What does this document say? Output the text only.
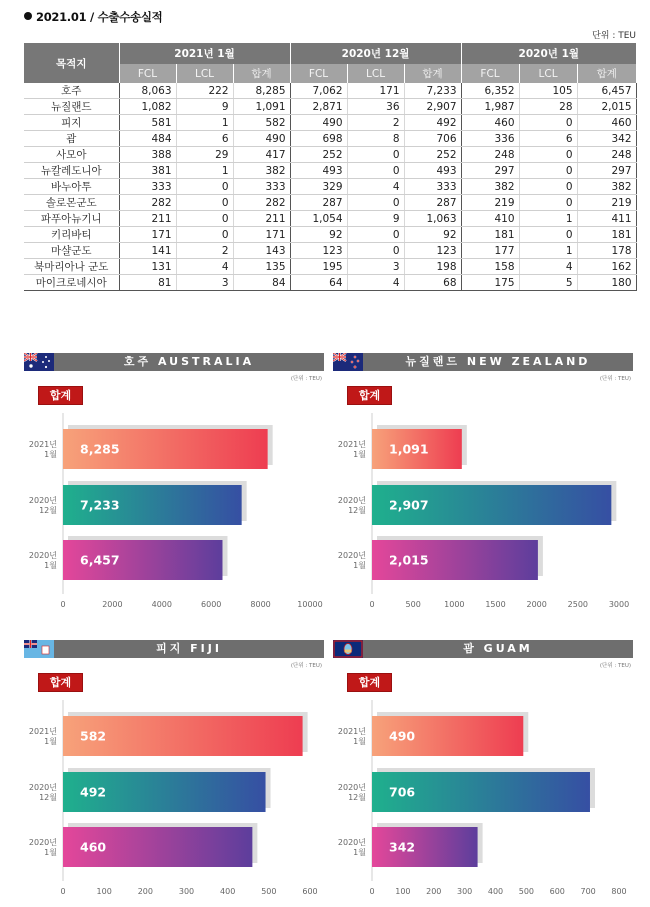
2021.01 / 수출수송실적
단위 : TEU
목적지	2021년 1월			2020년 12월			2020년 1월		
	FCL	LCL	합계	FCL	LCL	합계	FCL	LCL	합계
호주	8,063	222	8,285	7,062	171	7,233	6,352	105	6,457
뉴질랜드	1,082	9	1,091	2,871	36	2,907	1,987	28	2,015
피지	581	1	582	490	2	492	460	0	460
괌	484	6	490	698	8	706	336	6	342
사모아	388	29	417	252	0	252	248	0	248
뉴칼레도니아	381	1	382	493	0	493	297	0	297
바누아투	333	0	333	329	4	333	382	0	382
솔로몬군도	282	0	282	287	0	287	219	0	219
파푸아뉴기니	211	0	211	1,054	9	1,063	410	1	411
키리바티	171	0	171	92	0	92	181	0	181
마샬군도	141	2	143	123	0	123	177	1	178
북마리아나 군도	131	4	135	195	3	198	158	4	162
마이크로네시아	81	3	84	64	4	68	175	5	180
호주 AUSTRALIA
(단위 : TEU)
합계
8,285
2021년
1월
7,233
2020년
12월
6,457
2020년
1월
0	2000	4000	6000	8000	10000
뉴질랜드 NEW ZEALAND
(단위 : TEU)
합계
1,091
2021년
1월
2,907
2020년
12월
2,015
2020년
1월
0	500	1000	1500	2000	2500	3000
피지 FIJI
(단위 : TEU)
합계
582
2021년
1월
492
2020년
12월
460
2020년
1월
0	100	200	300	400	500	600
괌 GUAM
(단위 : TEU)
합계
490
2021년
1월
706
2020년
12월
342
2020년
1월
0	100 200 300 400 500 600 700 800
